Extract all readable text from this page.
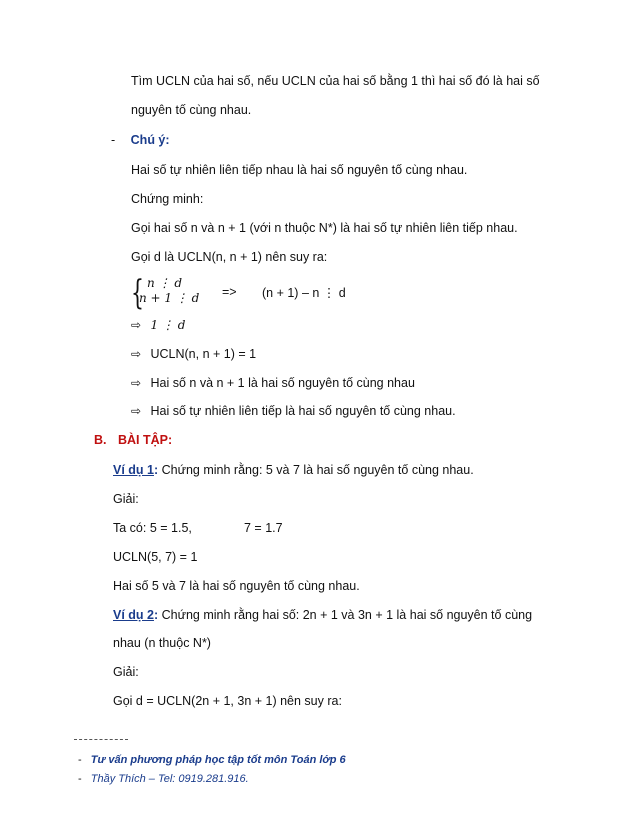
Tìm UCLN của hai số, nếu UCLN của hai số bằng 1 thì hai số đó là hai số
nguyên tố cùng nhau.
- Chú ý:
Hai số tự nhiên liên tiếp nhau là hai số nguyên tố cùng nhau.
Chứng minh:
Gọi hai số n và n + 1 (với n thuộc N*) là hai số tự nhiên liên tiếp nhau.
Gọi d là UCLN(n, n + 1) nên suy ra:
{ n ⋮ d
n + 1 ⋮ d => (n + 1) – n ⋮ d
⇨ 1 ⋮ d
⇨ UCLN(n, n + 1) = 1
⇨ Hai số n và n + 1 là hai số nguyên tố cùng nhau
⇨ Hai số tự nhiên liên tiếp là hai số nguyên tố cùng nhau.
B. BÀI TẬP:
Ví dụ 1: Chứng minh rằng: 5 và 7 là hai số nguyên tố cùng nhau.
Giải:
Ta có: 5 = 1.5,	7 = 1.7
UCLN(5, 7) = 1
Hai số 5 và 7 là hai số nguyên tố cùng nhau.
Ví dụ 2: Chứng minh rằng hai số: 2n + 1 và 3n + 1 là hai số nguyên tố cùng
nhau (n thuộc N*)
Giải:
Gọi d = UCLN(2n + 1, 3n + 1) nên suy ra:
- Tư vấn phương pháp học tập tốt môn Toán lớp 6
- Thầy Thích – Tel: 0919.281.916.
